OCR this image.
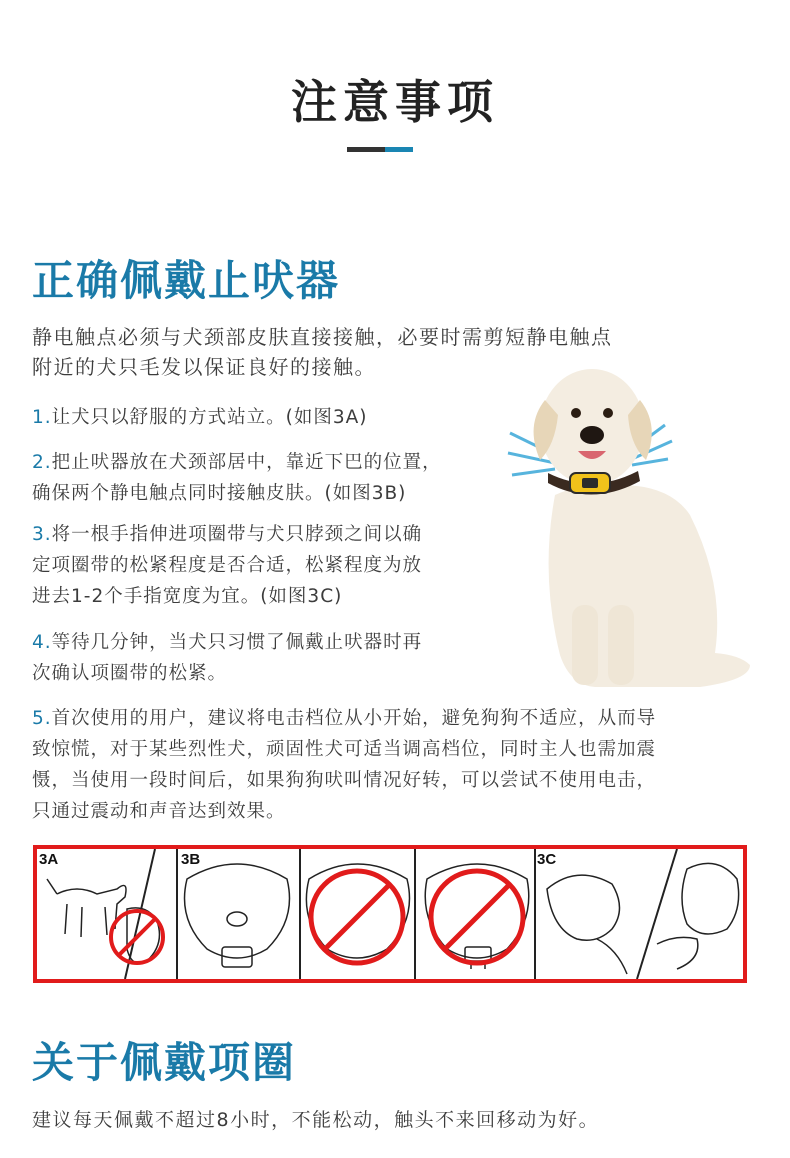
注意事项
正确佩戴止吠器
静电触点必须与犬颈部皮肤直接接触，必要时需剪短静电触点
附近的犬只毛发以保证良好的接触。
1.让犬只以舒服的方式站立。(如图3A)
2.把止吠器放在犬颈部居中，靠近下巴的位置，
确保两个静电触点同时接触皮肤。(如图3B)
3.将一根手指伸进项圈带与犬只脖颈之间以确
定项圈带的松紧程度是否合适，松紧程度为放
进去1-2个手指宽度为宜。(如图3C)
4.等待几分钟，当犬只习惯了佩戴止吠器时再
次确认项圈带的松紧。
5.首次使用的用户，建议将电击档位从小开始，避免狗狗不适应，从而导
致惊慌，对于某些烈性犬，顽固性犬可适当调高档位，同时主人也需加震
慑，当使用一段时间后，如果狗狗吠叫情况好转，可以尝试不使用电击，
只通过震动和声音达到效果。
3A	3B	3C
关于佩戴项圈
建议每天佩戴不超过8小时，不能松动，触头不来回移动为好。
